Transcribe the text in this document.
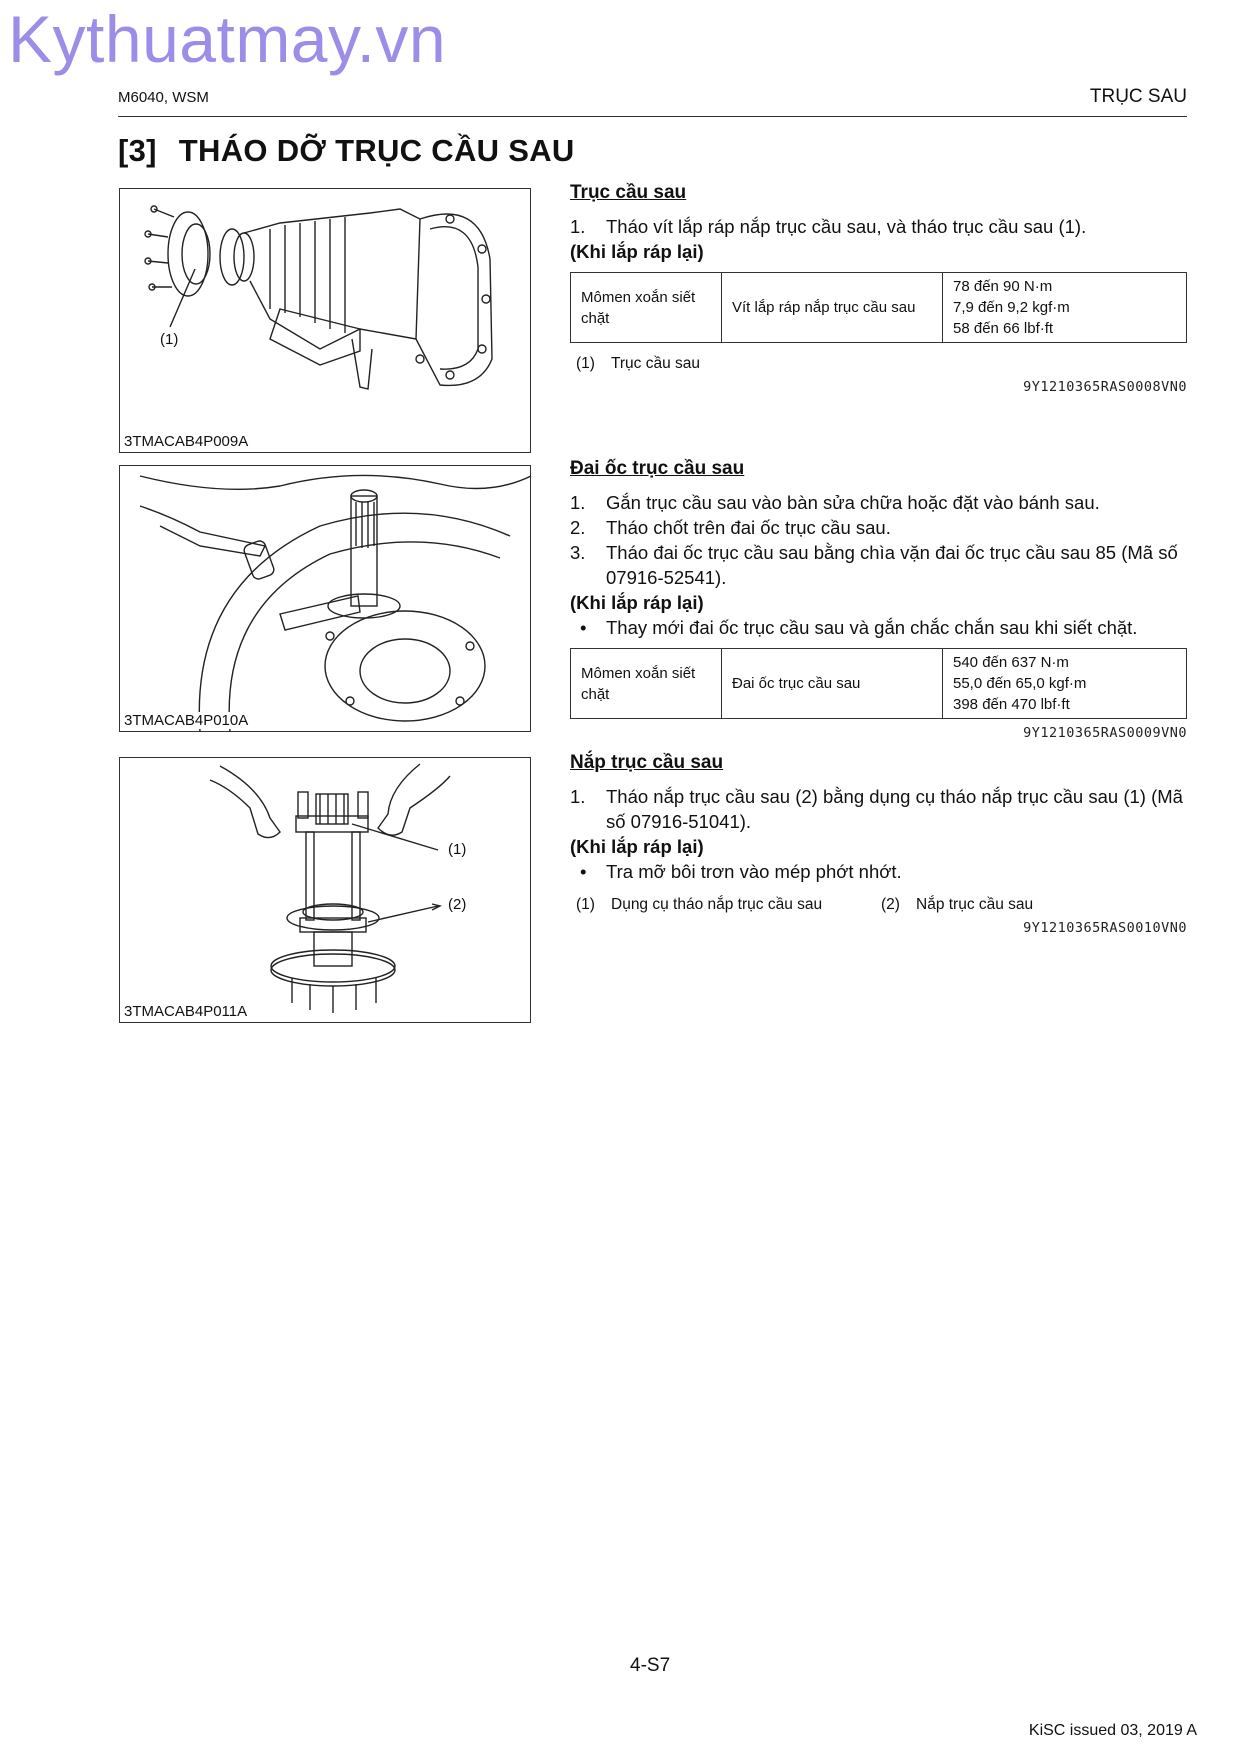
Kythuatmay.vn
M6040, WSM	TRỤC SAU
[3] THÁO DỠ TRỤC CẦU SAU
(1)
3TMACAB4P009A
3TMACAB4P010A
(1)
(2)
3TMACAB4P011A
Trục cầu sau
1. Tháo vít lắp ráp nắp trục cầu sau, và tháo trục cầu sau (1).
(Khi lắp ráp lại)
Mômen xoắn siết chặt	Vít lắp ráp nắp trục cầu sau	
78 đến 90 N·m
7,9 đến 9,2 kgf·m
58 đến 66 lbf·ft
(1) Trục cầu sau
9Y1210365RAS0008VN0
Đai ốc trục cầu sau
1. Gắn trục cầu sau vào bàn sửa chữa hoặc đặt vào bánh sau.
2. Tháo chốt trên đai ốc trục cầu sau.
3. Tháo đai ốc trục cầu sau bằng chìa vặn đai ốc trục cầu sau 85 (Mã số 07916-52541).
(Khi lắp ráp lại)
• Thay mới đai ốc trục cầu sau và gắn chắc chắn sau khi siết chặt.
Mômen xoắn siết chặt	Đai ốc trục cầu sau	
540 đến 637 N·m
55,0 đến 65,0 kgf·m
398 đến 470 lbf·ft
9Y1210365RAS0009VN0
Nắp trục cầu sau
1. Tháo nắp trục cầu sau (2) bằng dụng cụ tháo nắp trục cầu sau (1) (Mã số 07916-51041).
(Khi lắp ráp lại)
• Tra mỡ bôi trơn vào mép phớt nhớt.
(1) Dụng cụ tháo nắp trục cầu sau	(2) Nắp trục cầu sau
9Y1210365RAS0010VN0
4-S7
KiSC issued 03, 2019 A
